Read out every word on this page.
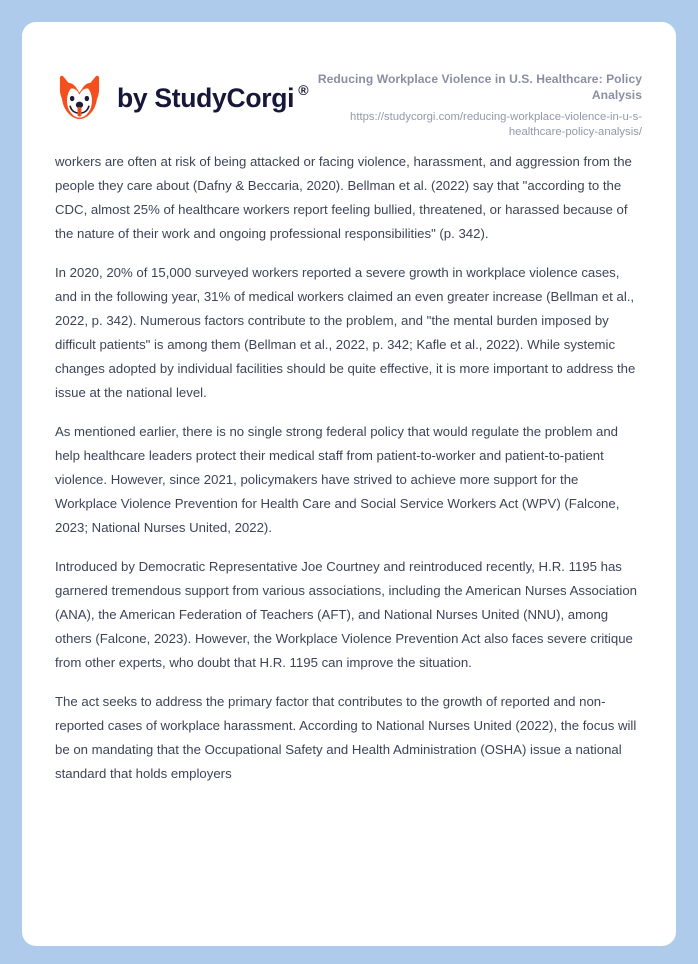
by StudyCorgi ®
Reducing Workplace Violence in U.S. Healthcare: Policy Analysis
https://studycorgi.com/reducing-workplace-violence-in-u-s-healthcare-policy-analysis/

workers are often at risk of being attacked or facing violence, harassment, and aggression from the people they care about (Dafny & Beccaria, 2020). Bellman et al. (2022) say that "according to the CDC, almost 25% of healthcare workers report feeling bullied, threatened, or harassed because of the nature of their work and ongoing professional responsibilities" (p. 342).

In 2020, 20% of 15,000 surveyed workers reported a severe growth in workplace violence cases, and in the following year, 31% of medical workers claimed an even greater increase (Bellman et al., 2022, p. 342). Numerous factors contribute to the problem, and "the mental burden imposed by difficult patients" is among them (Bellman et al., 2022, p. 342; Kafle et al., 2022). While systemic changes adopted by individual facilities should be quite effective, it is more important to address the issue at the national level.

As mentioned earlier, there is no single strong federal policy that would regulate the problem and help healthcare leaders protect their medical staff from patient-to-worker and patient-to-patient violence. However, since 2021, policymakers have strived to achieve more support for the Workplace Violence Prevention for Health Care and Social Service Workers Act (WPV) (Falcone, 2023; National Nurses United, 2022).

Introduced by Democratic Representative Joe Courtney and reintroduced recently, H.R. 1195 has garnered tremendous support from various associations, including the American Nurses Association (ANA), the American Federation of Teachers (AFT), and National Nurses United (NNU), among others (Falcone, 2023). However, the Workplace Violence Prevention Act also faces severe critique from other experts, who doubt that H.R. 1195 can improve the situation.

The act seeks to address the primary factor that contributes to the growth of reported and non-reported cases of workplace harassment. According to National Nurses United (2022), the focus will be on mandating that the Occupational Safety and Health Administration (OSHA) issue a national standard that holds employers
